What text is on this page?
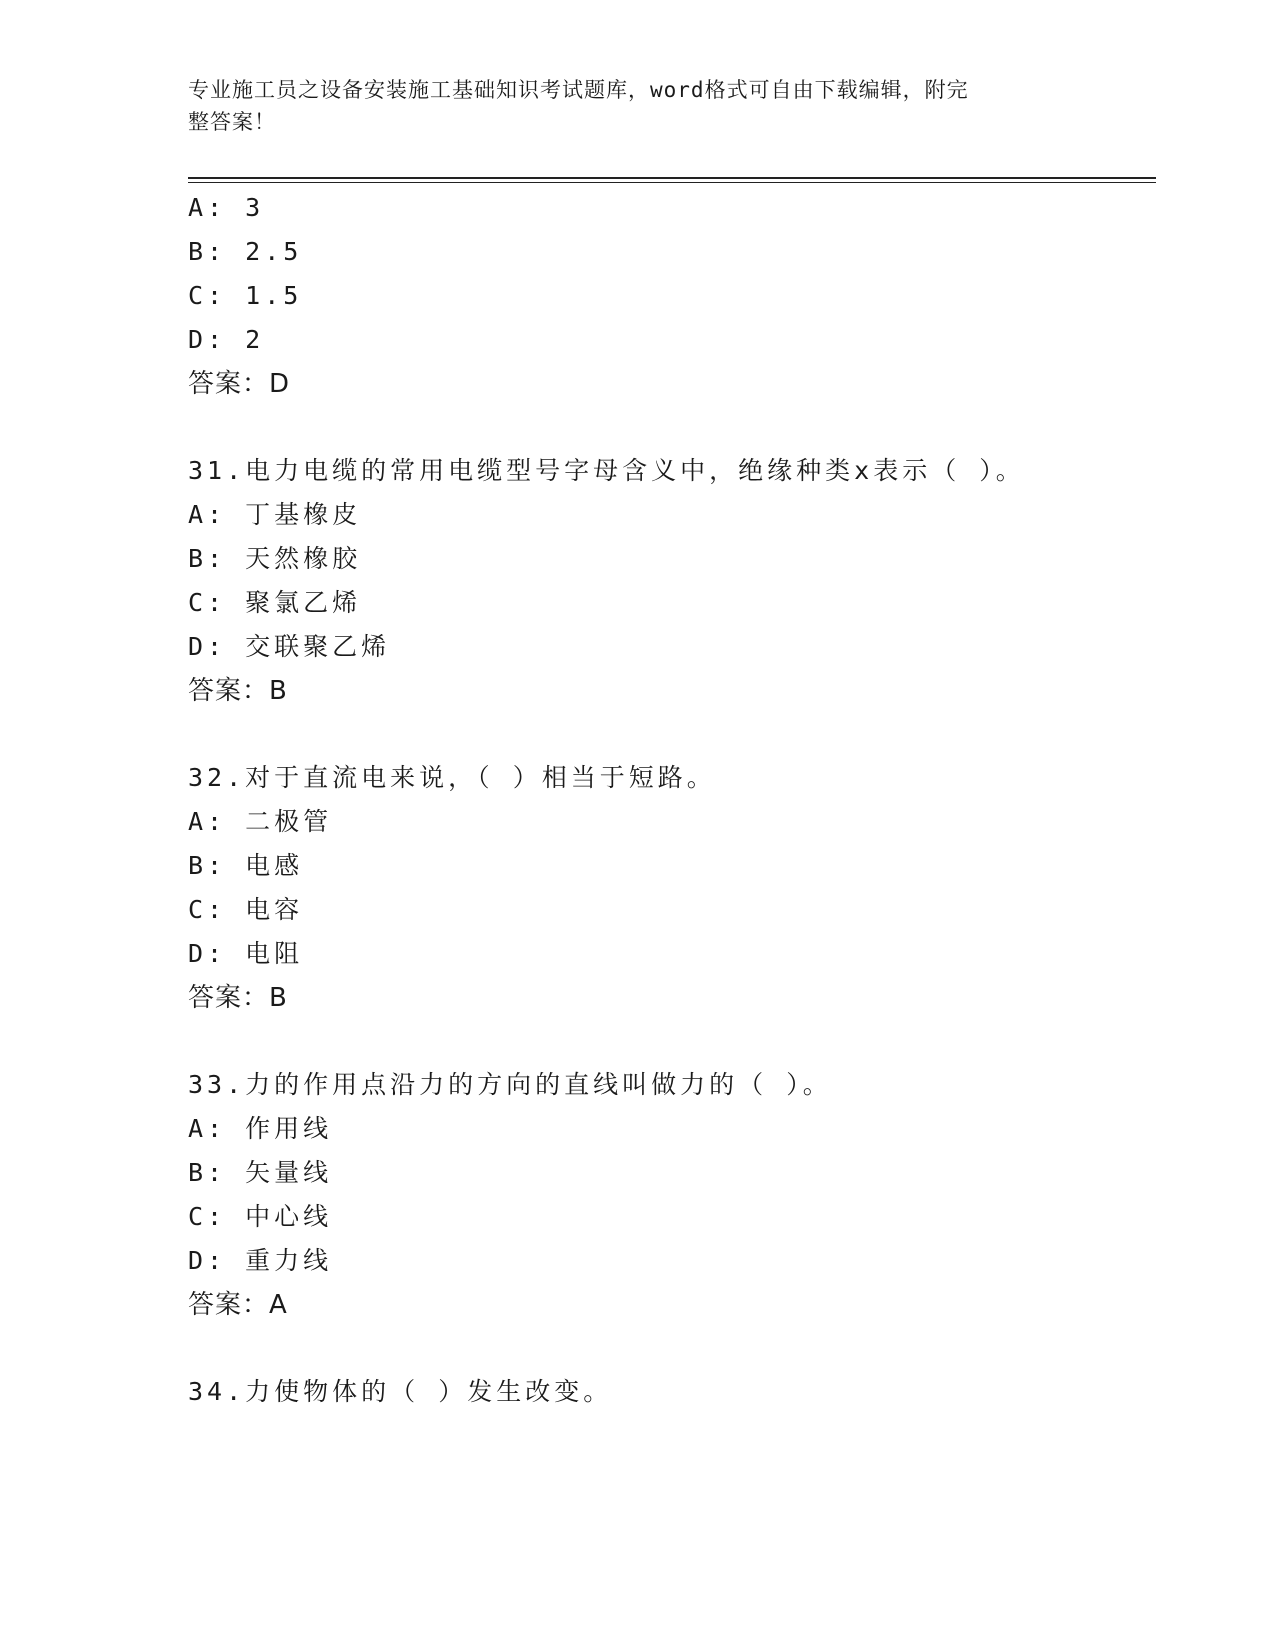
专业施工员之设备安装施工基础知识考试题库，word格式可自由下载编辑，附完
整答案！
A: 3
B: 2.5
C: 1.5
D: 2
答案：D
31.电力电缆的常用电缆型号字母含义中，绝缘种类x表示（ ）。
A: 丁基橡皮
B: 天然橡胶
C: 聚氯乙烯
D: 交联聚乙烯
答案：B
32.对于直流电来说，（ ）相当于短路。
A: 二极管
B: 电感
C: 电容
D: 电阻
答案：B
33.力的作用点沿力的方向的直线叫做力的（ ）。
A: 作用线
B: 矢量线
C: 中心线
D: 重力线
答案：A
34.力使物体的（ ）发生改变。
